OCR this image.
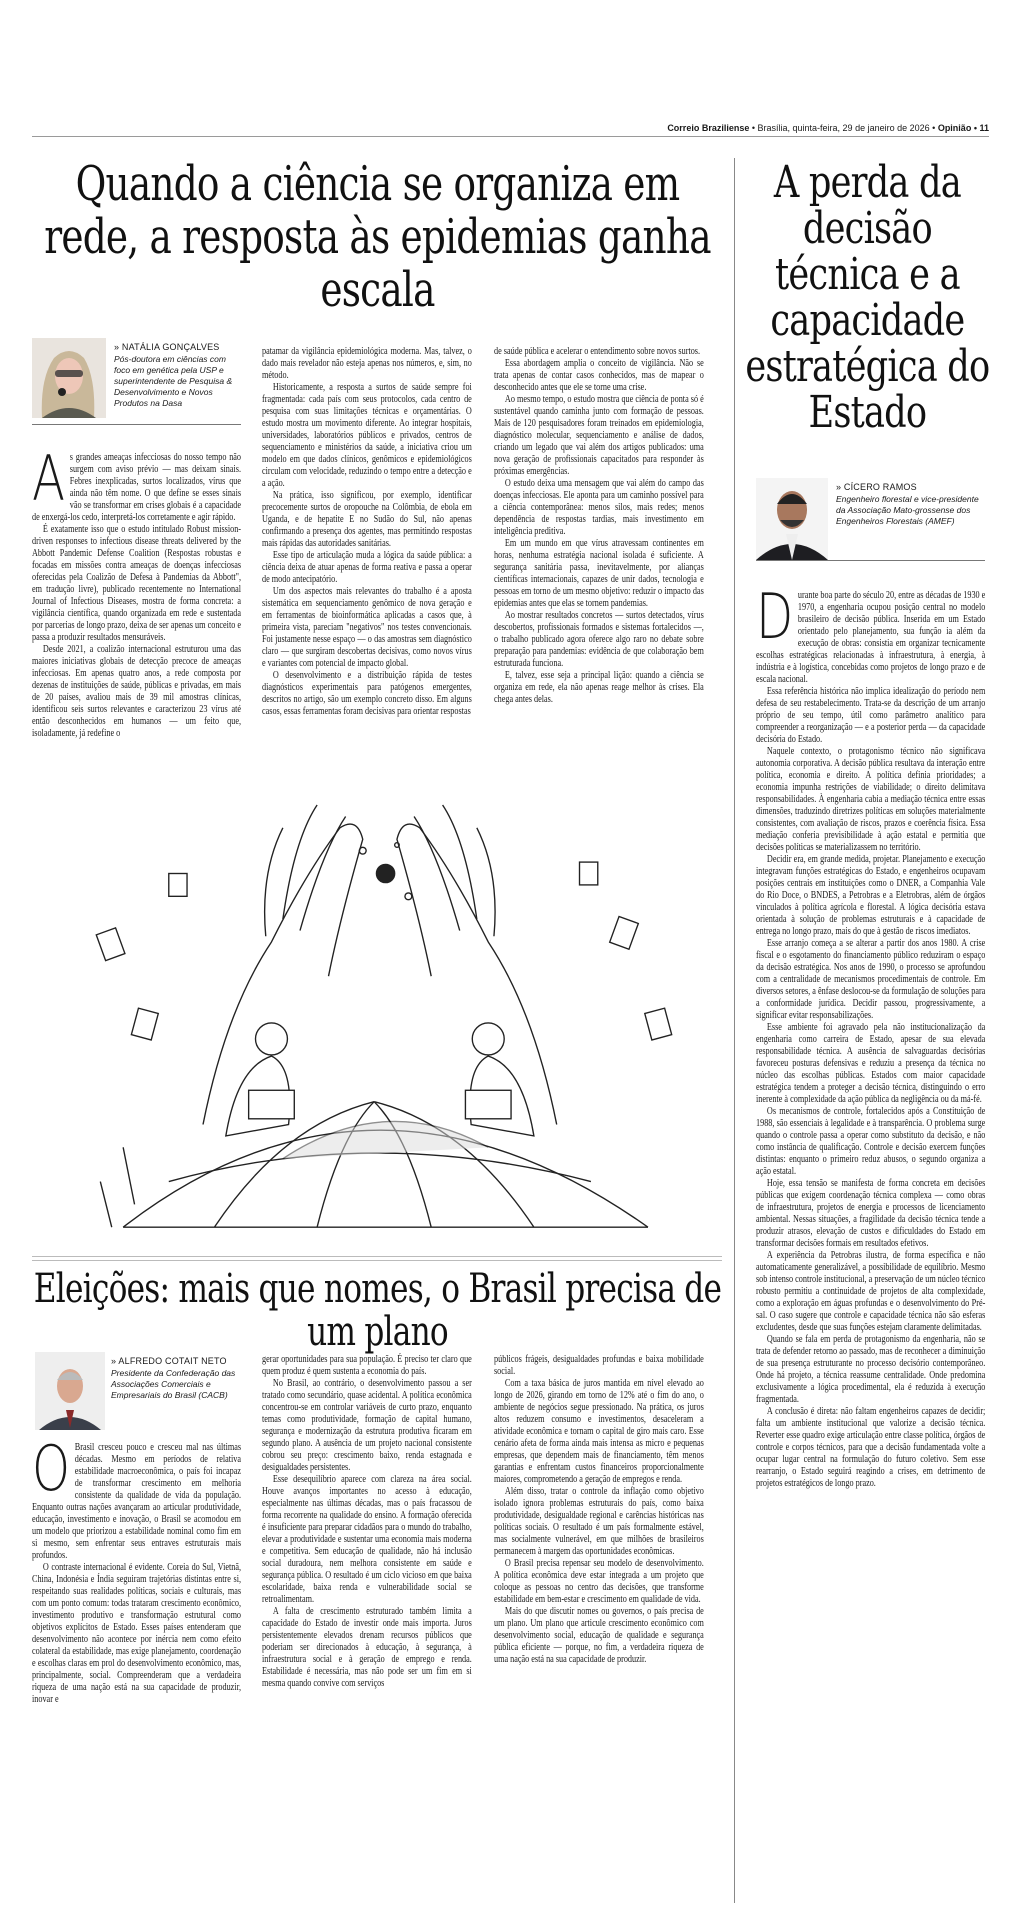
Correio Braziliense • Brasília, quinta-feira, 29 de janeiro de 2026 • Opinião • 11
Quando a ciência se organiza em rede, a resposta às epidemias ganha escala
» NATÁLIA GONÇALVES
Pós-doutora em ciências com foco em genética pela USP e superintendente de Pesquisa & Desenvolvimento e Novos Produtos na Dasa

As grandes ameaças infecciosas do nosso tempo não surgem com aviso prévio — mas deixam sinais. Febres inexplicadas, surtos localizados, vírus que ainda não têm nome. O que define se esses sinais vão se transformar em crises globais é a capacidade de enxergá-los cedo, interpretá-los corretamente e agir rápido.

É exatamente isso que o estudo intitulado Robust mission-driven responses to infectious disease threats delivered by the Abbott Pandemic Defense Coalition (Respostas robustas e focadas em missões contra ameaças de doenças infecciosas oferecidas pela Coalizão de Defesa à Pandemias da Abbott", em tradução livre), publicado recentemente no International Journal of Infectious Diseases, mostra de forma concreta: a vigilância científica, quando organizada em rede e sustentada por parcerias de longo prazo, deixa de ser apenas um conceito e passa a produzir resultados mensuráveis.

Desde 2021, a coalizão internacional estruturou uma das maiores iniciativas globais de detecção precoce de ameaças infecciosas. Em apenas quatro anos, a rede composta por dezenas de instituições de saúde, públicas e privadas, em mais de 20 países, avaliou mais de 39 mil amostras clínicas, identificou seis surtos relevantes e caracterizou 23 vírus até então desconhecidos em humanos — um feito que, isoladamente, já redefine o

patamar da vigilância epidemiológica moderna. Mas, talvez, o dado mais revelador não esteja apenas nos números, e, sim, no método.

Historicamente, a resposta a surtos de saúde sempre foi fragmentada: cada país com seus protocolos, cada centro de pesquisa com suas limitações técnicas e orçamentárias. O estudo mostra um movimento diferente. Ao integrar hospitais, universidades, laboratórios públicos e privados, centros de sequenciamento e ministérios da saúde, a iniciativa criou um modelo em que dados clínicos, genômicos e epidemiológicos circulam com velocidade, reduzindo o tempo entre a detecção e a ação.

Na prática, isso significou, por exemplo, identificar precocemente surtos de oropouche na Colômbia, de ebola em Uganda, e de hepatite E no Sudão do Sul, não apenas confirmando a presença dos agentes, mas permitindo respostas mais rápidas das autoridades sanitárias.

Esse tipo de articulação muda a lógica da saúde pública: a ciência deixa de atuar apenas de forma reativa e passa a operar de modo antecipatório.

Um dos aspectos mais relevantes do trabalho é a aposta sistemática em sequenciamento genômico de nova geração e em ferramentas de bioinformática aplicadas a casos que, à primeira vista, pareciam "negativos" nos testes convencionais. Foi justamente nesse espaço — o das amostras sem diagnóstico claro — que surgiram descobertas decisivas, como novos vírus e variantes com potencial de impacto global.

O desenvolvimento e a distribuição rápida de testes diagnósticos experimentais para patógenos emergentes, descritos no artigo, são um exemplo concreto disso. Em alguns casos, essas ferramentas foram decisivas para orientar respostas

de saúde pública e acelerar o entendimento sobre novos surtos.

Essa abordagem amplia o conceito de vigilância. Não se trata apenas de contar casos conhecidos, mas de mapear o desconhecido antes que ele se torne uma crise.

Ao mesmo tempo, o estudo mostra que ciência de ponta só é sustentável quando caminha junto com formação de pessoas. Mais de 120 pesquisadores foram treinados em epidemiologia, diagnóstico molecular, sequenciamento e análise de dados, criando um legado que vai além dos artigos publicados: uma nova geração de profissionais capacitados para responder às próximas emergências.

O estudo deixa uma mensagem que vai além do campo das doenças infecciosas. Ele aponta para um caminho possível para a ciência contemporânea: menos silos, mais redes; menos dependência de respostas tardias, mais investimento em inteligência preditiva.

Em um mundo em que vírus atravessam continentes em horas, nenhuma estratégia nacional isolada é suficiente. A segurança sanitária passa, inevitavelmente, por alianças científicas internacionais, capazes de unir dados, tecnologia e pessoas em torno de um mesmo objetivo: reduzir o impacto das epidemias antes que elas se tornem pandemias.

Ao mostrar resultados concretos — surtos detectados, vírus descobertos, profissionais formados e sistemas fortalecidos —, o trabalho publicado agora oferece algo raro no debate sobre preparação para pandemias: evidência de que colaboração bem estruturada funciona.

E, talvez, esse seja a principal lição: quando a ciência se organiza em rede, ela não apenas reage melhor às crises. Ela chega antes delas.

Eleições: mais que nomes, o Brasil precisa de um plano
» ALFREDO COTAIT NETO
Presidente da Confederação das Associações Comerciais e Empresariais do Brasil (CACB)

O Brasil cresceu pouco e cresceu mal nas últimas décadas. Mesmo em períodos de relativa estabilidade macroeconômica, o país foi incapaz de transformar crescimento em melhoria consistente da qualidade de vida da população. Enquanto outras nações avançaram ao articular produtividade, educação, investimento e inovação, o Brasil se acomodou em um modelo que priorizou a estabilidade nominal como fim em si mesmo, sem enfrentar seus entraves estruturais mais profundos.

O contraste internacional é evidente. Coreia do Sul, Vietnã, China, Indonésia e Índia seguiram trajetórias distintas entre si, respeitando suas realidades políticas, sociais e culturais, mas com um ponto comum: todas trataram crescimento econômico, investimento produtivo e transformação estrutural como objetivos explícitos de Estado. Esses países entenderam que desenvolvimento não acontece por inércia nem como efeito colateral da estabilidade, mas exige planejamento, coordenação e escolhas claras em prol do desenvolvimento econômico, mas, principalmente, social. Compreenderam que a verdadeira riqueza de uma nação está na sua capacidade de produzir, inovar e

gerar oportunidades para sua população. É preciso ter claro que quem produz é quem sustenta a economia do país.

No Brasil, ao contrário, o desenvolvimento passou a ser tratado como secundário, quase acidental. A política econômica concentrou-se em controlar variáveis de curto prazo, enquanto temas como produtividade, formação de capital humano, segurança e modernização da estrutura produtiva ficaram em segundo plano. A ausência de um projeto nacional consistente cobrou seu preço: crescimento baixo, renda estagnada e desigualdades persistentes.

Esse desequilíbrio aparece com clareza na área social. Houve avanços importantes no acesso à educação, especialmente nas últimas décadas, mas o país fracassou de forma recorrente na qualidade do ensino. A formação oferecida é insuficiente para preparar cidadãos para o mundo do trabalho, elevar a produtividade e sustentar uma economia mais moderna e competitiva. Sem educação de qualidade, não há inclusão social duradoura, nem melhora consistente em saúde e segurança pública. O resultado é um ciclo vicioso em que baixa escolaridade, baixa renda e vulnerabilidade social se retroalimentam.

A falta de crescimento estruturado também limita a capacidade do Estado de investir onde mais importa. Juros persistentemente elevados drenam recursos públicos que poderiam ser direcionados à educação, à segurança, à infraestrutura social e à geração de emprego e renda. Estabilidade é necessária, mas não pode ser um fim em si mesma quando convive com serviços

públicos frágeis, desigualdades profundas e baixa mobilidade social.

Com a taxa básica de juros mantida em nível elevado ao longo de 2026, girando em torno de 12% até o fim do ano, o ambiente de negócios segue pressionado. Na prática, os juros altos reduzem consumo e investimentos, desaceleram a atividade econômica e tornam o capital de giro mais caro. Esse cenário afeta de forma ainda mais intensa as micro e pequenas empresas, que dependem mais de financiamento, têm menos garantias e enfrentam custos financeiros proporcionalmente maiores, comprometendo a geração de empregos e renda.

Além disso, tratar o controle da inflação como objetivo isolado ignora problemas estruturais do país, como baixa produtividade, desigualdade regional e carências históricas nas políticas sociais. O resultado é um país formalmente estável, mas socialmente vulnerável, em que milhões de brasileiros permanecem à margem das oportunidades econômicas.

O Brasil precisa repensar seu modelo de desenvolvimento. A política econômica deve estar integrada a um projeto que coloque as pessoas no centro das decisões, que transforme estabilidade em bem-estar e crescimento em qualidade de vida.

Mais do que discutir nomes ou governos, o país precisa de um plano. Um plano que articule crescimento econômico com desenvolvimento social, educação de qualidade e segurança pública eficiente — porque, no fim, a verdadeira riqueza de uma nação está na sua capacidade de produzir.

A perda da decisão técnica e a capacidade estratégica do Estado
» CÍCERO RAMOS
Engenheiro florestal e vice-presidente da Associação Mato-grossense dos Engenheiros Florestais (AMEF)

Durante boa parte do século 20, entre as décadas de 1930 e 1970, a engenharia ocupou posição central no modelo brasileiro de decisão pública. Inserida em um Estado orientado pelo planejamento, sua função ia além da execução de obras: consistia em organizar tecnicamente escolhas estratégicas relacionadas à infraestrutura, à energia, à indústria e à logística, concebidas como projetos de longo prazo e de escala nacional.

Essa referência histórica não implica idealização do período nem defesa de seu restabelecimento. Trata-se da descrição de um arranjo próprio de seu tempo, útil como parâmetro analítico para compreender a reorganização — e a posterior perda — da capacidade decisória do Estado.

Naquele contexto, o protagonismo técnico não significava autonomia corporativa. A decisão pública resultava da interação entre política, economia e direito. A política definia prioridades; a economia impunha restrições de viabilidade; o direito delimitava responsabilidades. À engenharia cabia a mediação técnica entre essas dimensões, traduzindo diretrizes políticas em soluções materialmente consistentes, com avaliação de riscos, prazos e coerência física. Essa mediação conferia previsibilidade à ação estatal e permitia que decisões políticas se materializassem no território.

Decidir era, em grande medida, projetar. Planejamento e execução integravam funções estratégicas do Estado, e engenheiros ocupavam posições centrais em instituições como o DNER, a Companhia Vale do Rio Doce, o BNDES, a Petrobras e a Eletrobras, além de órgãos vinculados à política agrícola e florestal. A lógica decisória estava orientada à solução de problemas estruturais e à capacidade de entrega no longo prazo, mais do que à gestão de riscos imediatos.

Esse arranjo começa a se alterar a partir dos anos 1980. A crise fiscal e o esgotamento do financiamento público reduziram o espaço da decisão estratégica. Nos anos de 1990, o processo se aprofundou com a centralidade de mecanismos procedimentais de controle. Em diversos setores, a ênfase deslocou-se da formulação de soluções para a conformidade jurídica. Decidir passou, progressivamente, a significar evitar responsabilizações.

Esse ambiente foi agravado pela não institucionalização da engenharia como carreira de Estado, apesar de sua elevada responsabilidade técnica. A ausência de salvaguardas decisórias favoreceu posturas defensivas e reduziu a presença da técnica no núcleo das escolhas públicas. Estados com maior capacidade estratégica tendem a proteger a decisão técnica, distinguindo o erro inerente à complexidade da ação pública da negligência ou da má-fé.

Os mecanismos de controle, fortalecidos após a Constituição de 1988, são essenciais à legalidade e à transparência. O problema surge quando o controle passa a operar como substituto da decisão, e não como instância de qualificação. Controle e decisão exercem funções distintas: enquanto o primeiro reduz abusos, o segundo organiza a ação estatal.

Hoje, essa tensão se manifesta de forma concreta em decisões públicas que exigem coordenação técnica complexa — como obras de infraestrutura, projetos de energia e processos de licenciamento ambiental. Nessas situações, a fragilidade da decisão técnica tende a produzir atrasos, elevação de custos e dificuldades do Estado em transformar decisões formais em resultados efetivos.

A experiência da Petrobras ilustra, de forma específica e não automaticamente generalizável, a possibilidade de equilíbrio. Mesmo sob intenso controle institucional, a preservação de um núcleo técnico robusto permitiu a continuidade de projetos de alta complexidade, como a exploração em águas profundas e o desenvolvimento do Pré-sal. O caso sugere que controle e capacidade técnica não são esferas excludentes, desde que suas funções estejam claramente delimitadas.

Quando se fala em perda de protagonismo da engenharia, não se trata de defender retorno ao passado, mas de reconhecer a diminuição de sua presença estruturante no processo decisório contemporâneo. Onde há projeto, a técnica reassume centralidade. Onde predomina exclusivamente a lógica procedimental, ela é reduzida à execução fragmentada.

A conclusão é direta: não faltam engenheiros capazes de decidir; falta um ambiente institucional que valorize a decisão técnica. Reverter esse quadro exige articulação entre classe política, órgãos de controle e corpos técnicos, para que a decisão fundamentada volte a ocupar lugar central na formulação do futuro coletivo. Sem esse rearranjo, o Estado seguirá reagindo a crises, em detrimento de projetos estratégicos de longo prazo.
